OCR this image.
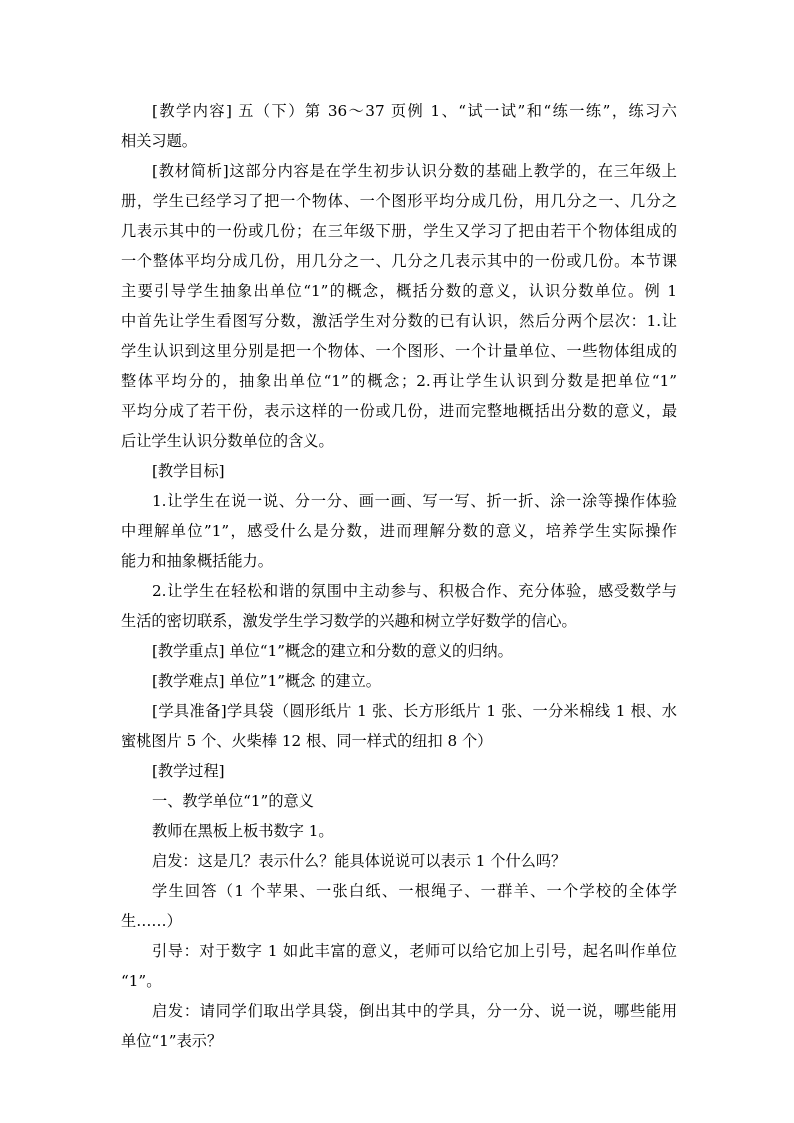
[教学内容] 五（下）第 36～37 页例 1、“试一试”和“练一练”，练习六
相关习题。
[教材简析]这部分内容是在学生初步认识分数的基础上教学的，在三年级上
册，学生已经学习了把一个物体、一个图形平均分成几份，用几分之一、几分之
几表示其中的一份或几份；在三年级下册，学生又学习了把由若干个物体组成的
一个整体平均分成几份，用几分之一、几分之几表示其中的一份或几份。本节课
主要引导学生抽象出单位“1”的概念，概括分数的意义，认识分数单位。例 1
中首先让学生看图写分数，激活学生对分数的已有认识，然后分两个层次：1.让
学生认识到这里分别是把一个物体、一个图形、一个计量单位、一些物体组成的
整体平均分的，抽象出单位“1”的概念；2.再让学生认识到分数是把单位“1”
平均分成了若干份，表示这样的一份或几份，进而完整地概括出分数的意义，最
后让学生认识分数单位的含义。
[教学目标]
1.让学生在说一说、分一分、画一画、写一写、折一折、涂一涂等操作体验
中理解单位”1”，感受什么是分数，进而理解分数的意义，培养学生实际操作
能力和抽象概括能力。
2.让学生在轻松和谐的氛围中主动参与、积极合作、充分体验，感受数学与
生活的密切联系，激发学生学习数学的兴趣和树立学好数学的信心。
[教学重点] 单位“1”概念的建立和分数的意义的归纳。
[教学难点] 单位”1”概念 的建立。
[学具准备]学具袋（圆形纸片 1 张、长方形纸片 1 张、一分米棉线 1 根、水
蜜桃图片 5 个、火柴棒 12 根、同一样式的纽扣 8 个）
[教学过程]
一、教学单位“1”的意义
教师在黑板上板书数字 1。
启发：这是几？表示什么？能具体说说可以表示 1 个什么吗？
学生回答（1 个苹果、一张白纸、一根绳子、一群羊、一个学校的全体学
生……）
引导：对于数字 1 如此丰富的意义，老师可以给它加上引号，起名叫作单位
“1”。
启发：请同学们取出学具袋，倒出其中的学具，分一分、说一说，哪些能用
单位“1”表示？
